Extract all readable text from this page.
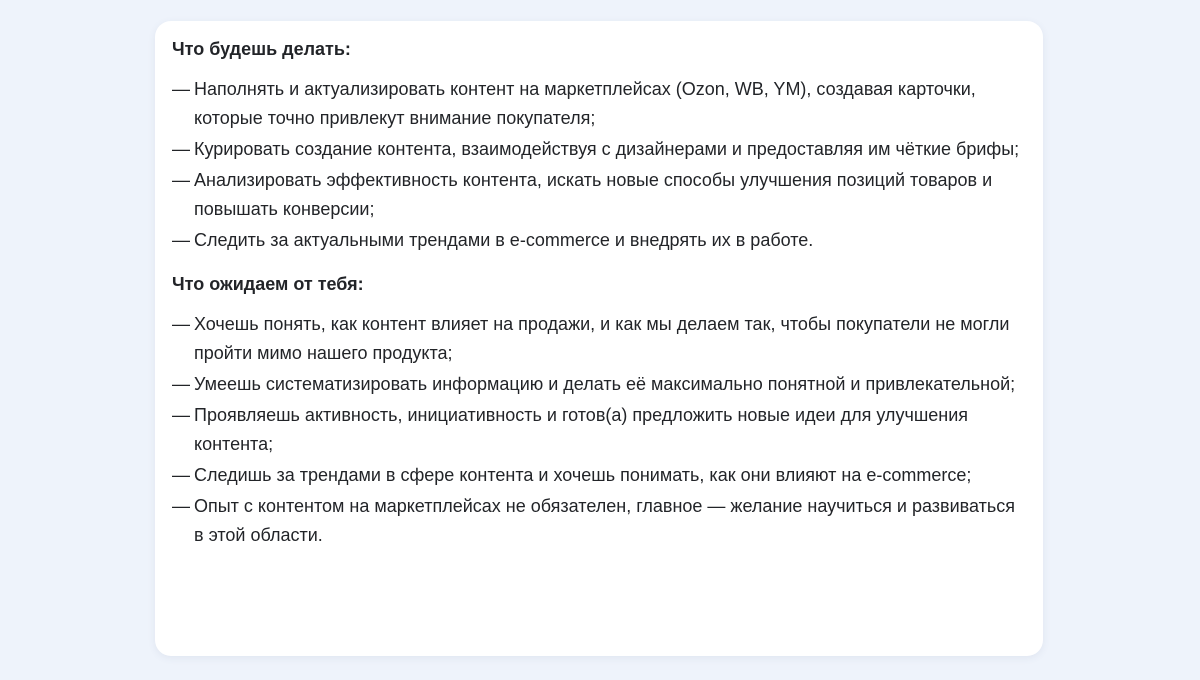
Что будешь делать:
— Наполнять и актуализировать контент на маркетплейсах (Ozon, WB, YM), создавая карточки, которые точно привлекут внимание покупателя;
— Курировать создание контента, взаимодействуя с дизайнерами и предоставляя им чёткие брифы;
— Анализировать эффективность контента, искать новые способы улучшения позиций товаров и повышать конверсии;
— Следить за актуальными трендами в e-commerce и внедрять их в работе.
Что ожидаем от тебя:
— Хочешь понять, как контент влияет на продажи, и как мы делаем так, чтобы покупатели не могли пройти мимо нашего продукта;
— Умеешь систематизировать информацию и делать её максимально понятной и привлекательной;
— Проявляешь активность, инициативность и готов(а) предложить новые идеи для улучшения контента;
— Следишь за трендами в сфере контента и хочешь понимать, как они влияют на e-commerce;
— Опыт с контентом на маркетплейсах не обязателен, главное — желание научиться и развиваться в этой области.
